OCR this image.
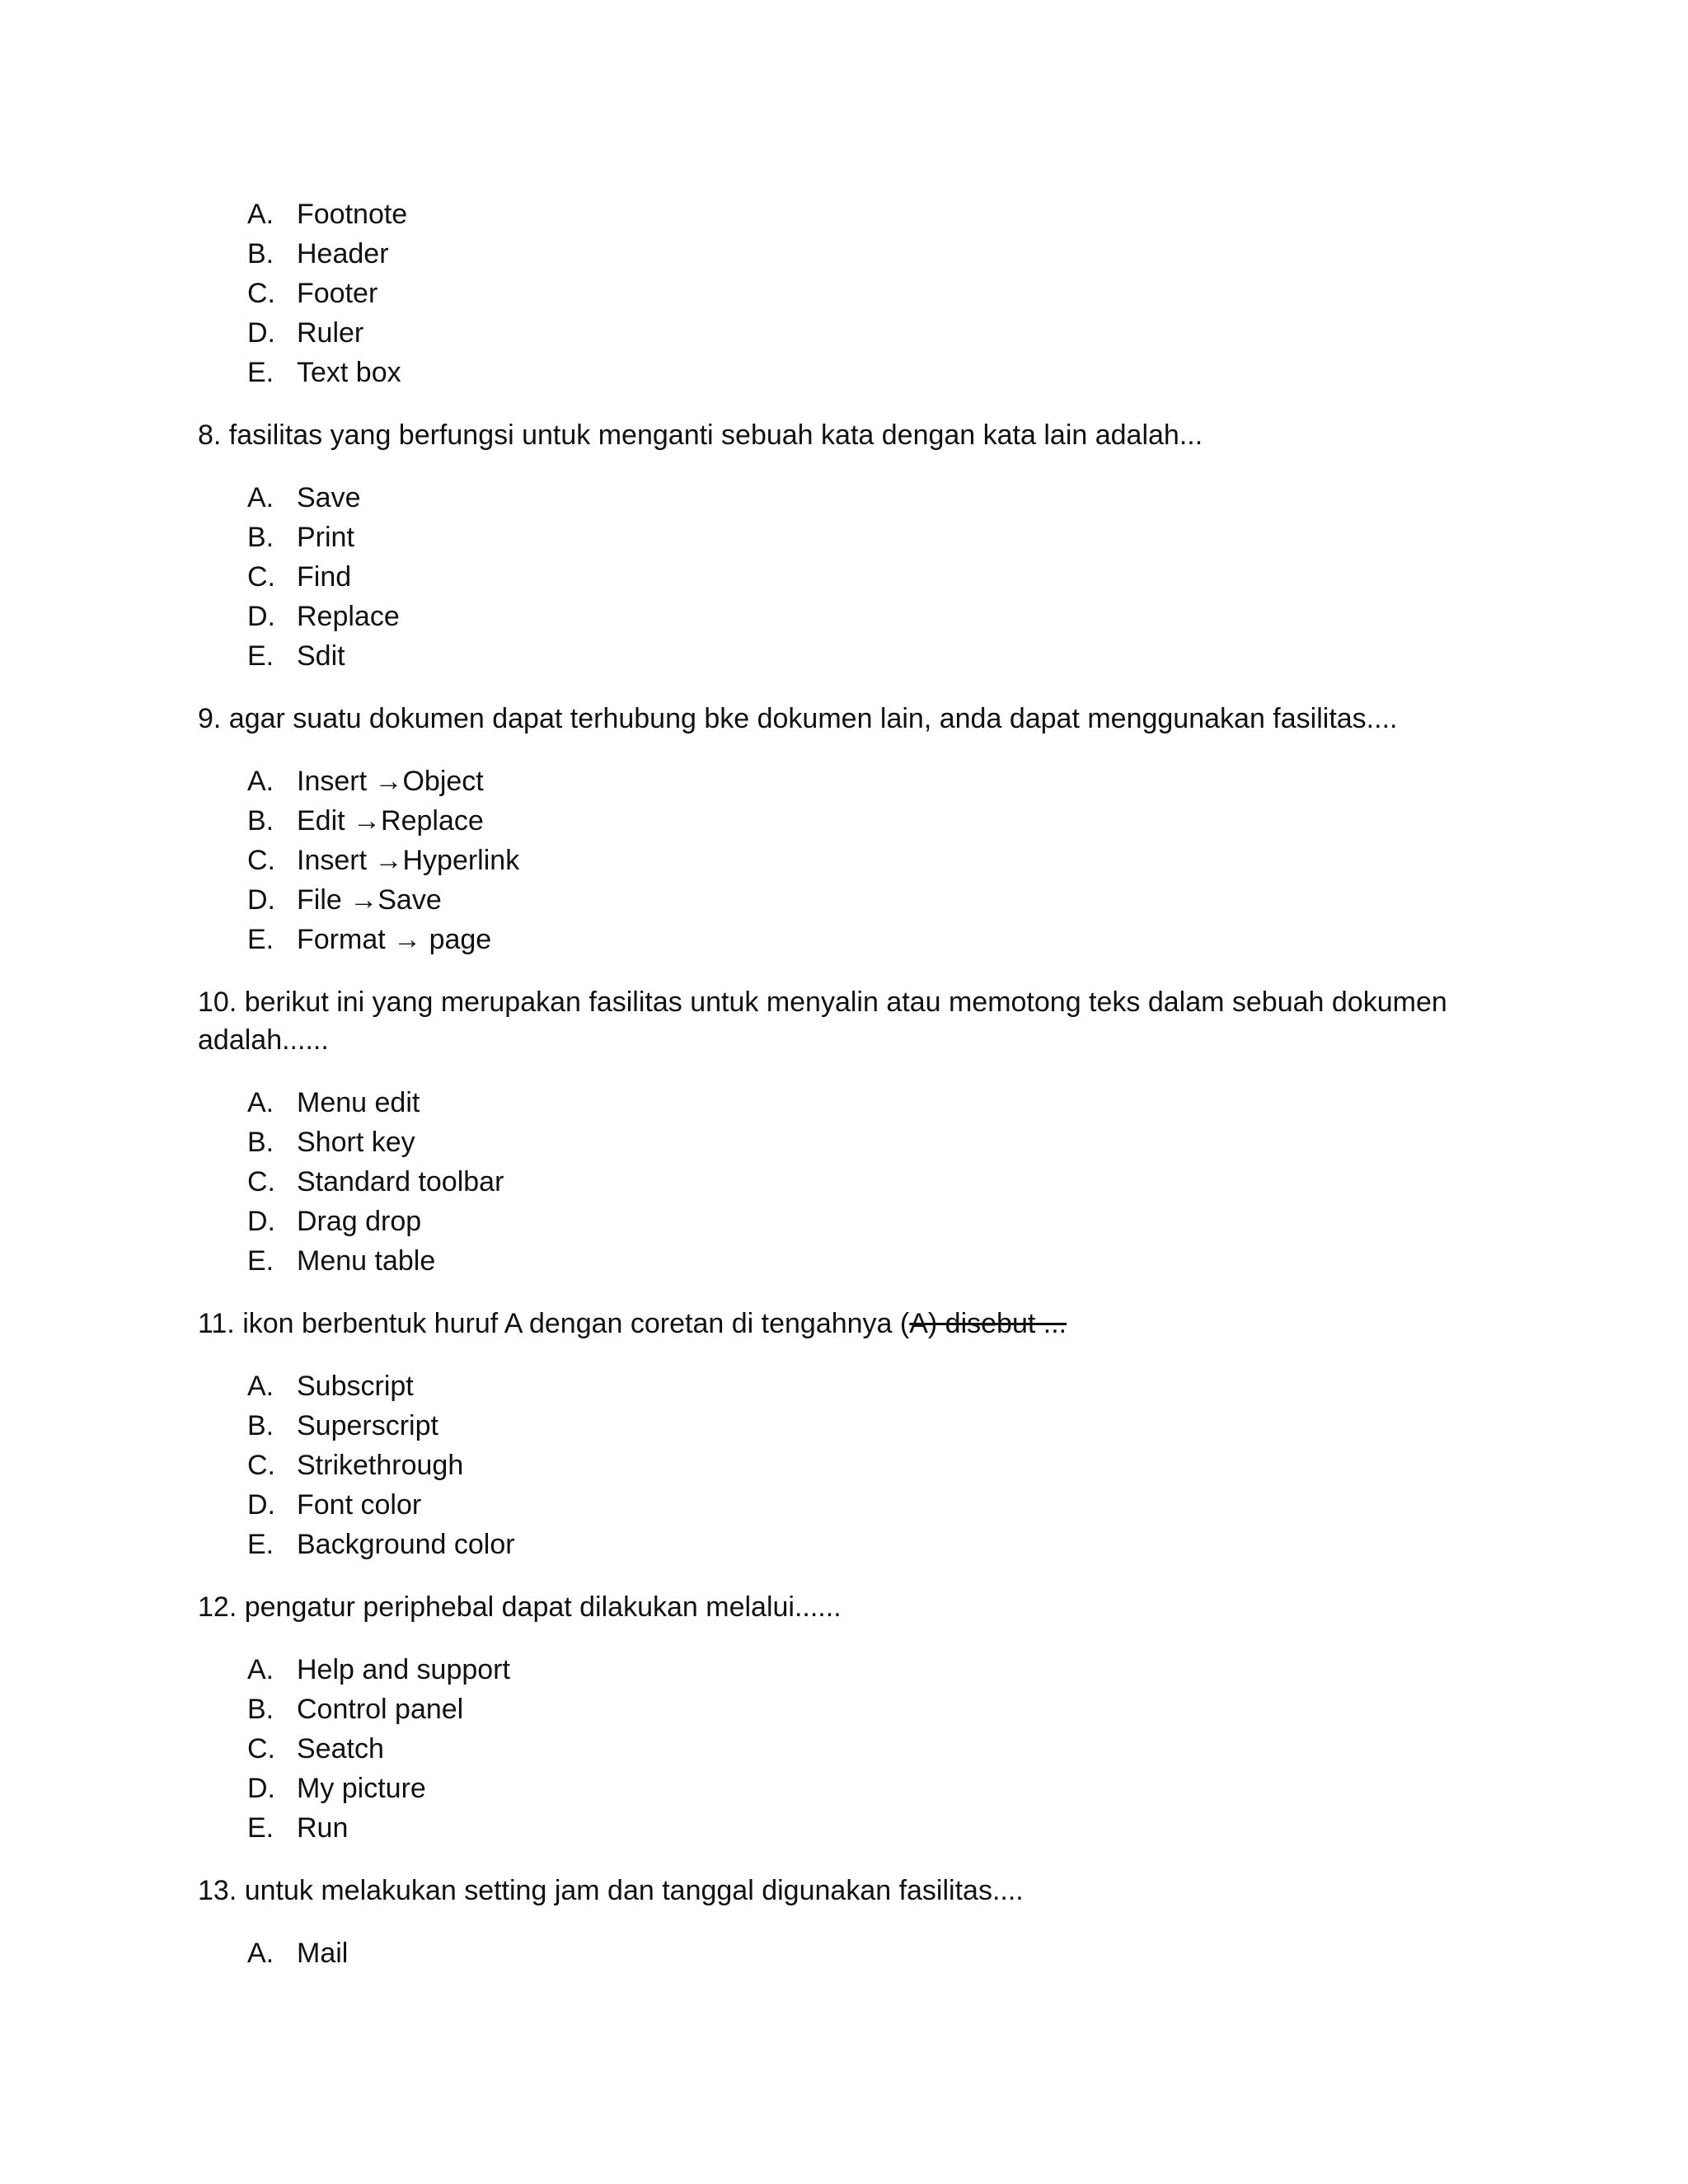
A. Footnote
B. Header
C. Footer
D. Ruler
E. Text box
8. fasilitas yang berfungsi untuk menganti sebuah kata dengan kata lain adalah...
A. Save
B. Print
C. Find
D. Replace
E. Sdit
9. agar suatu dokumen dapat terhubung bke dokumen lain, anda dapat menggunakan fasilitas....
A. Insert →Object
B. Edit →Replace
C. Insert →Hyperlink
D. File →Save
E. Format → page
10. berikut ini yang merupakan fasilitas untuk menyalin atau memotong teks dalam sebuah dokumen
adalah......
A. Menu edit
B. Short key
C. Standard toolbar
D. Drag drop
E. Menu table
11. ikon berbentuk huruf A dengan coretan di tengahnya (A) disebut ...
A. Subscript
B. Superscript
C. Strikethrough
D. Font color
E. Background color
12. pengatur periphebal dapat dilakukan melalui......
A. Help and support
B. Control panel
C. Seatch
D. My picture
E. Run
13. untuk melakukan setting jam dan tanggal digunakan fasilitas....
A. Mail
